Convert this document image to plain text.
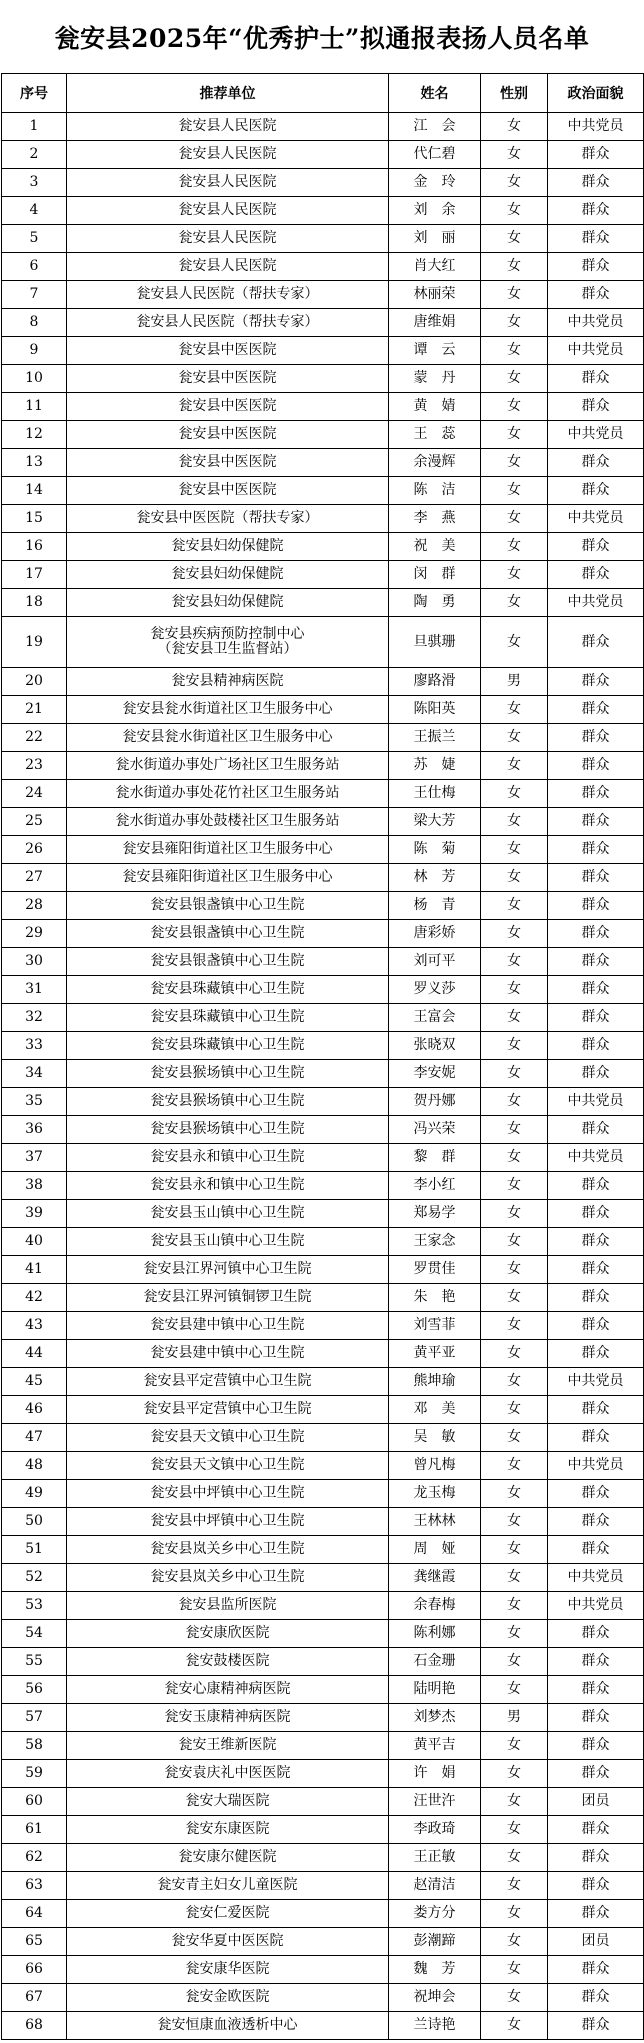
瓮安县2025年“优秀护士”拟通报表扬人员名单
序号	推荐单位	姓名	性别	政治面貌
1	瓮安县人民医院	江　会	女	中共党员
2	瓮安县人民医院	代仁碧	女	群众
3	瓮安县人民医院	金　玲	女	群众
4	瓮安县人民医院	刘　余	女	群众
5	瓮安县人民医院	刘　丽	女	群众
6	瓮安县人民医院	肖大红	女	群众
7	瓮安县人民医院（帮扶专家）	林丽荣	女	群众
8	瓮安县人民医院（帮扶专家）	唐维娟	女	中共党员
9	瓮安县中医医院	谭　云	女	中共党员
10	瓮安县中医医院	蒙　丹	女	群众
11	瓮安县中医医院	黄　婧	女	群众
12	瓮安县中医医院	王　蕊	女	中共党员
13	瓮安县中医医院	余漫辉	女	群众
14	瓮安县中医医院	陈　洁	女	群众
15	瓮安县中医医院（帮扶专家）	李　燕	女	中共党员
16	瓮安县妇幼保健院	祝　美	女	群众
17	瓮安县妇幼保健院	闵　群	女	群众
18	瓮安县妇幼保健院	陶　勇	女	中共党员
19	瓮安县疾病预防控制中心
（瓮安县卫生监督站）	旦骐珊	女	群众
20	瓮安县精神病医院	廖路滑	男	群众
21	瓮安县瓮水街道社区卫生服务中心	陈阳英	女	群众
22	瓮安县瓮水街道社区卫生服务中心	王振兰	女	群众
23	瓮水街道办事处广场社区卫生服务站	苏　婕	女	群众
24	瓮水街道办事处花竹社区卫生服务站	王仕梅	女	群众
25	瓮水街道办事处鼓楼社区卫生服务站	梁大芳	女	群众
26	瓮安县雍阳街道社区卫生服务中心	陈　菊	女	群众
27	瓮安县雍阳街道社区卫生服务中心	林　芳	女	群众
28	瓮安县银盏镇中心卫生院	杨　青	女	群众
29	瓮安县银盏镇中心卫生院	唐彩娇	女	群众
30	瓮安县银盏镇中心卫生院	刘可平	女	群众
31	瓮安县珠藏镇中心卫生院	罗义莎	女	群众
32	瓮安县珠藏镇中心卫生院	王富会	女	群众
33	瓮安县珠藏镇中心卫生院	张晓双	女	群众
34	瓮安县猴场镇中心卫生院	李安妮	女	群众
35	瓮安县猴场镇中心卫生院	贺丹娜	女	中共党员
36	瓮安县猴场镇中心卫生院	冯兴荣	女	群众
37	瓮安县永和镇中心卫生院	黎　群	女	中共党员
38	瓮安县永和镇中心卫生院	李小红	女	群众
39	瓮安县玉山镇中心卫生院	郑易学	女	群众
40	瓮安县玉山镇中心卫生院	王家念	女	群众
41	瓮安县江界河镇中心卫生院	罗贯佳	女	群众
42	瓮安县江界河镇铜锣卫生院	朱　艳	女	群众
43	瓮安县建中镇中心卫生院	刘雪菲	女	群众
44	瓮安县建中镇中心卫生院	黄平亚	女	群众
45	瓮安县平定营镇中心卫生院	熊坤瑜	女	中共党员
46	瓮安县平定营镇中心卫生院	邓　美	女	群众
47	瓮安县天文镇中心卫生院	吴　敏	女	群众
48	瓮安县天文镇中心卫生院	曾凡梅	女	中共党员
49	瓮安县中坪镇中心卫生院	龙玉梅	女	群众
50	瓮安县中坪镇中心卫生院	王林林	女	群众
51	瓮安县岚关乡中心卫生院	周　娅	女	群众
52	瓮安县岚关乡中心卫生院	龚继霞	女	中共党员
53	瓮安县监所医院	余春梅	女	中共党员
54	瓮安康欣医院	陈利娜	女	群众
55	瓮安鼓楼医院	石金珊	女	群众
56	瓮安心康精神病医院	陆明艳	女	群众
57	瓮安玉康精神病医院	刘梦杰	男	群众
58	瓮安王维新医院	黄平吉	女	群众
59	瓮安袁庆礼中医医院	许　娟	女	群众
60	瓮安大瑞医院	汪世汻	女	团员
61	瓮安东康医院	李政琦	女	群众
62	瓮安康尔健医院	王正敏	女	群众
63	瓮安青主妇女儿童医院	赵清洁	女	群众
64	瓮安仁爱医院	娄方分	女	群众
65	瓮安华夏中医医院	彭潮蹄	女	团员
66	瓮安康华医院	魏　芳	女	群众
67	瓮安金欧医院	祝坤会	女	群众
68	瓮安恒康血液透析中心	兰诗艳	女	群众
